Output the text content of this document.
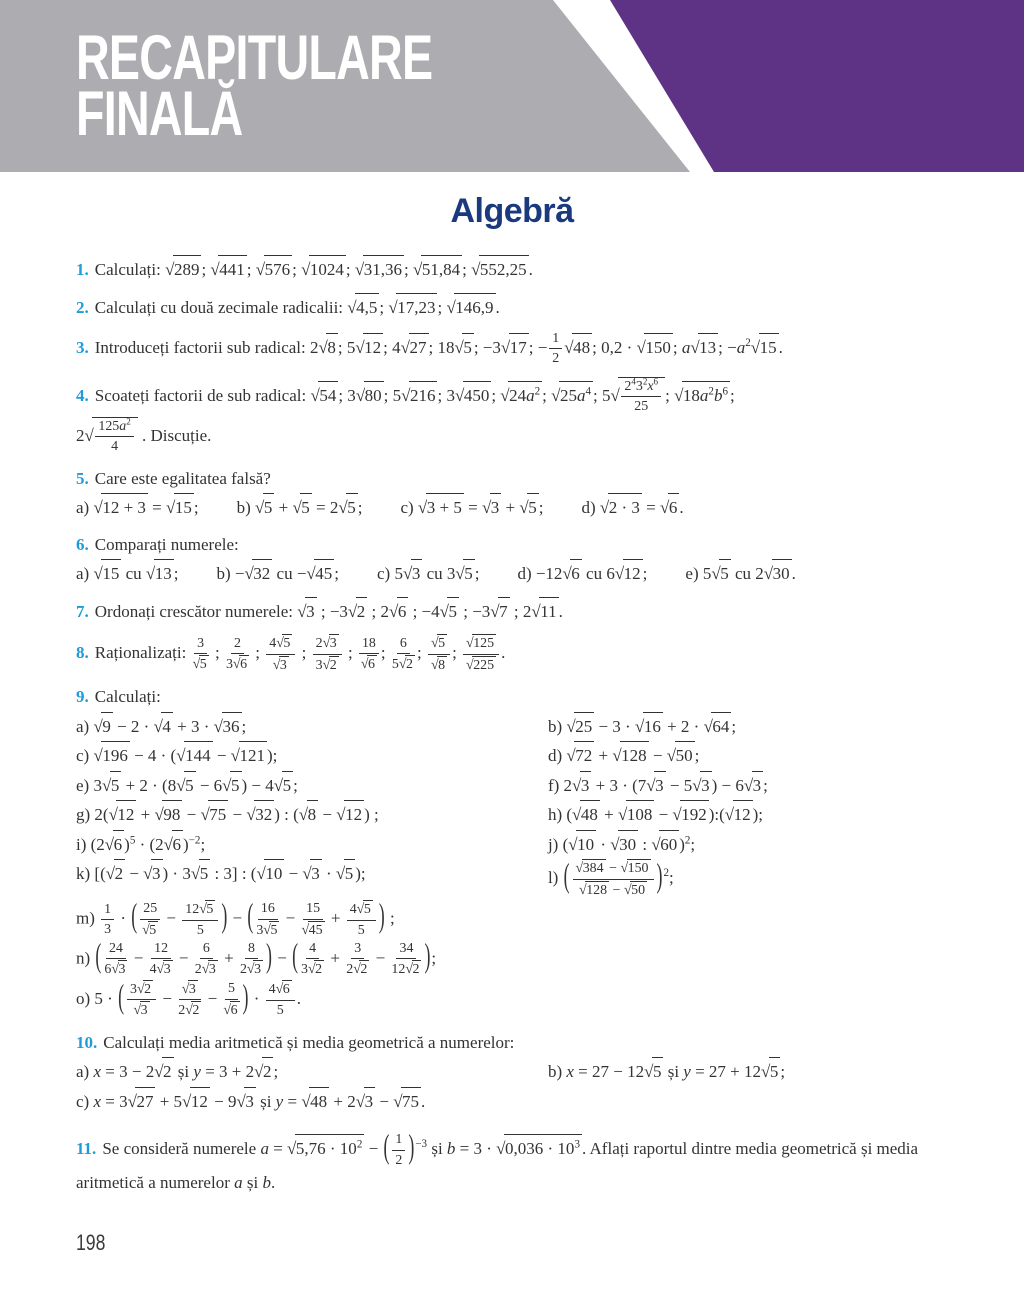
RECAPITULARE
FINALĂ
Algebră
1. Calculați: √289 ; √441 ; √576 ; √1024 ; √31,36 ; √51,84 ; √552,25 .
2. Calculați cu două zecimale radicalii: √4,5 ; √17,23 ; √146,9 .
3. Introduceți factorii sub radical: 2√8 ; 5√12 ; 4√27 ; 18√5 ; −3√17 ; − $\frac{1}{2} √48$ ; 0,2 · √150 ; a√13 ; $-a^2√15$ .
4. Scoateți factorii de sub radical: √54 ; 3√80 ; 5√216 ; 3√450 ; $√24a^2$ ; $√25a^4$ ; $5√ \frac{2^43^2x^6}{25}$ ; $√18a^2b^6$ ;
$2√ \frac{125a^2}{4}$ . Discuție.
5. Care este egalitatea falsă?
a) √12 + 3 = √15 ; b) √5 + √5 = 2√5 ; c) √3 + 5 = √3 + √5 ; d) √2 · 3 = √6 .
6. Comparați numerele:
a) √15 cu √13 ; b) −√32 cu −√45 ; c) 5√3 cu 3√5 ; d) −12√6 cu 6√12 ; e) 5√5 cu 2√30 .
7. Ordonați crescător numerele: √3 ; −3√2 ; 2√6 ; −4√5 ; −3√7 ; 2√11 .
8. Raționalizați: $\frac{3}{√5}$ ; $\frac{2}{3√6}$ ; $\frac{4√5}{√3}$ ; $\frac{2√3}{3√2}$ ; $\frac{18}{√6}$ ; $\frac{6}{5√2}$ ; $\frac{√5}{√8}$ ; $\frac{√125}{√225}$ .
9. Calculați:
a) √9 − 2 · √4 + 3 · √36 ;	b) √25 − 3 · √16 + 2 · √64 ;
c) √196 − 4 · (√144 − √121 );	d) √72 + √128 − √50 ;
e) 3√5 + 2 · (8√5 − 6√5 ) − 4√5 ;	f) 2√3 + 3 · (7√3 − 5√3 ) − 6√3 ;
g) 2(√12 + √98 − √75 − √32 ) : (√8 − √12 ) ;	h) (√48 + √108 − √192 ):(√12 );
i) (2√6 )$^5$ · (2√6 )$^{-2}$;	j) (√10 · √30 : √60 )$^2$;
k) [(√2 − √3 ) · 3√5 : 3] : (√10 − √3 · √5 );	l) ( $\frac{√384 - √150}{√128 - √50} )^2$;
$m) \frac{1}{3}$ · ( $\frac{25}{√5} - \frac{12√5}{5}$ ) − ( $\frac{16}{3√5} - \frac{15}{√45} + \frac{4√5}{5}$ ) ;
n) ( $\frac{24}{6√3} - \frac{12}{4√3} - \frac{6}{2√3} + \frac{8}{2√3}$ ) − ( $\frac{4}{3√2} + \frac{3}{2√2} - \frac{34}{12√2}$ );
o) 5 · ( $\frac{3√2}{√3} - \frac{√3}{2√2} - \frac{5}{√6}$ ) · $\frac{4√6}{5}$ .
10. Calculați media aritmetică și media geometrică a numerelor:
a) x = 3 − 2√2 și y = 3 + 2√2 ;	b) x = 27 − 12√5 și y = 27 + 12√5 ;
c) x = 3√27 + 5√12 − 9√3 și y = √48 + 2√3 − √75 .
11. Se consideră numerele $a = √5,76 \cdot 10^2$ − ( $\frac{1}{2} )^{-3}$ și $b = 3 \cdot √0,036 \cdot 10^3$ . Aflați raportul dintre media geometrică și media aritmetică a numerelor a și b.
198
